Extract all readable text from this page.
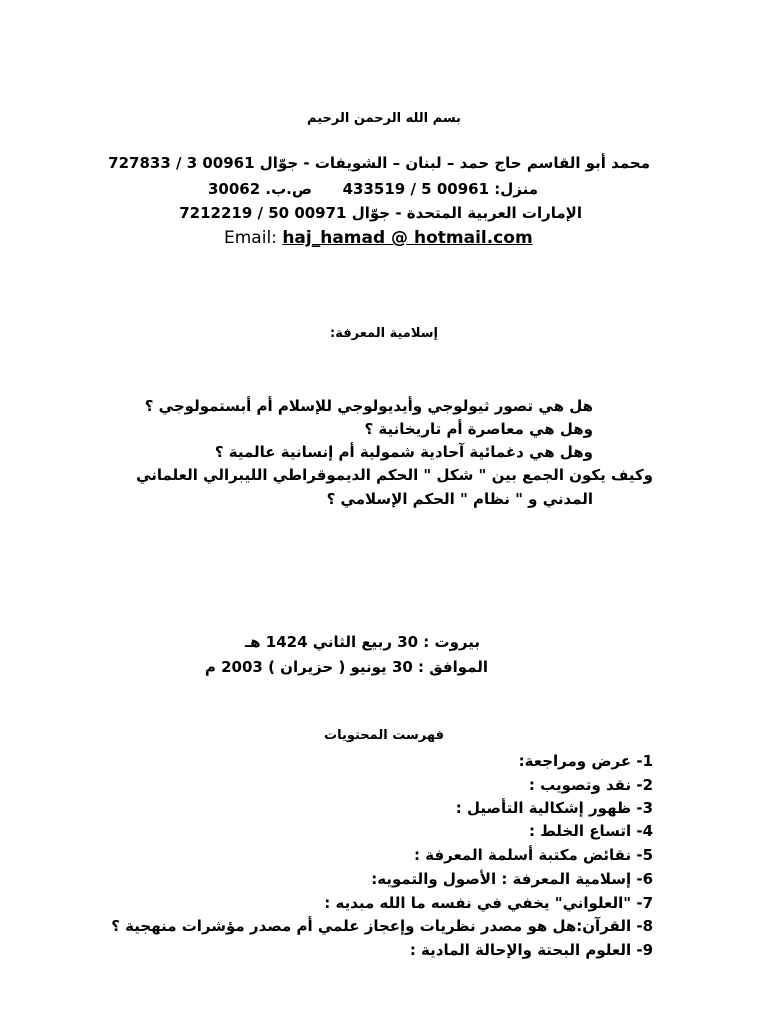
بسم الله الرحمن الرحيم
محمد أبو القاسم حاج حمد – لبنان – الشويفات - جوّال 00961 3 / 727833
منزل: 00961 5 / 433519
ص.ب. 30062
الإمارات العربية المتحدة - جوّال 00971 50 / 7212219
Email: haj_hamad @ hotmail.com
إسلامية المعرفة:
هل هي تصور ثيولوجي وأيديولوجي للإسلام أم أبستمولوجي ؟
وهل هي معاصرة أم تاريخانية ؟
وهل هي دغمائية آحادية شمولية أم إنسانية عالمية ؟
وكيف يكون الجمع بين " شكل " الحكم الديموقراطي الليبرالي العلماني
المدني و " نظام " الحكم الإسلامي ؟
بيروت : 30 ربيع الثاني 1424 هـ
الموافق : 30 يونيو ( حزيران ) 2003 م
فهرست المحتويات
1- عرض ومراجعة:
2- نقد وتصويب :
3- ظهور إشكالية التأصيل :
4- اتساع الخلط :
5- نقائض مكتبة أسلمة المعرفة :
6- إسلامية المعرفة : الأصول والتمويه:
7- "العلواني" يخفي في نفسه ما الله مبديه :
8- القرآن:هل هو مصدر نظريات وإعجاز علمي أم مصدر مؤشرات منهجية ؟
9- العلوم البحتة والإحالة المادية :
